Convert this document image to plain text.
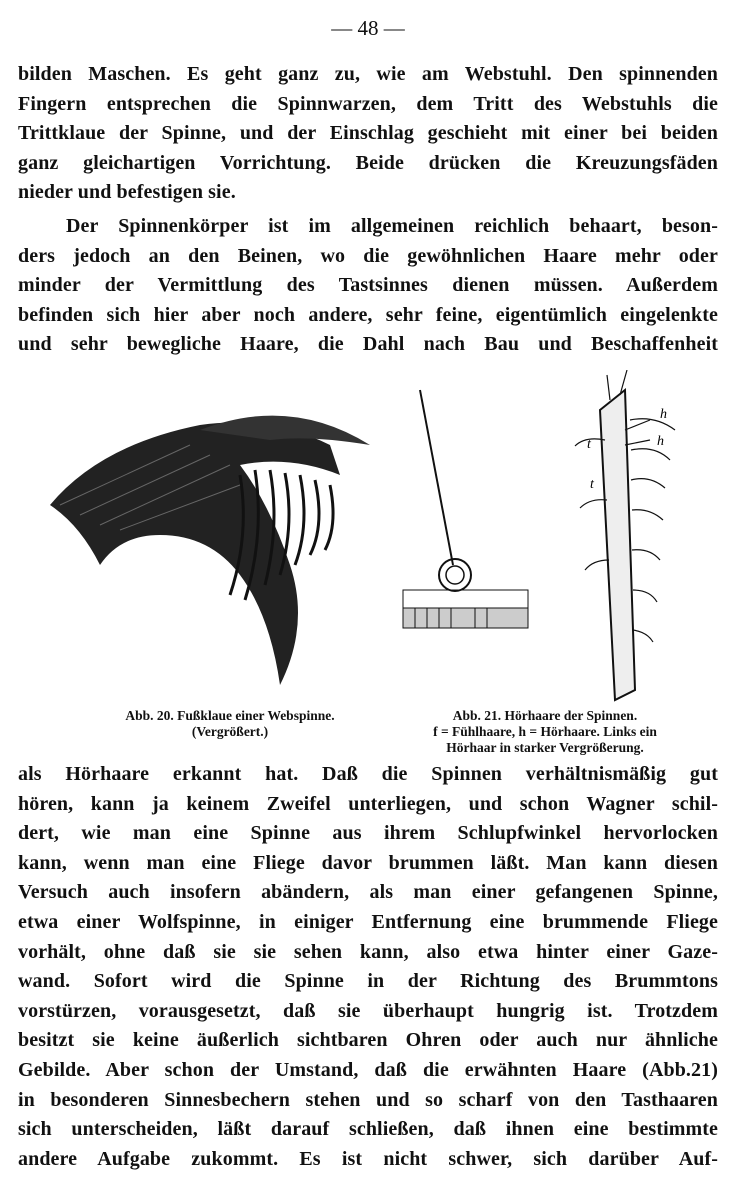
— 48 —
bilden Maschen. Es geht ganz zu, wie am Webstuhl. Den spinnenden
Fingern entsprechen die Spinnwarzen, dem Tritt des Webstuhls die
Trittklaue der Spinne, und der Einschlag geschieht mit einer bei beiden
ganz gleichartigen Vorrichtung. Beide drücken die Kreuzungsfäden
nieder und befestigen sie.
Der Spinnenkörper ist im allgemeinen reichlich behaart, beson-
ders jedoch an den Beinen, wo die gewöhnlichen Haare mehr oder
minder der Vermittlung des Tastsinnes dienen müssen. Außerdem
befinden sich hier aber noch andere, sehr feine, eigentümlich eingelenkte
und sehr bewegliche Haare, die Dahl nach Bau und Beschaffenheit
h
h
t
t
Abb. 20. Fußklaue einer Webspinne.
(Vergrößert.)
Abb. 21. Hörhaare der Spinnen.
f = Fühlhaare, h = Hörhaare. Links ein
Hörhaar in starker Vergrößerung.
als Hörhaare erkannt hat. Daß die Spinnen verhältnismäßig gut
hören, kann ja keinem Zweifel unterliegen, und schon Wagner schil-
dert, wie man eine Spinne aus ihrem Schlupfwinkel hervorlocken
kann, wenn man eine Fliege davor brummen läßt. Man kann diesen
Versuch auch insofern abändern, als man einer gefangenen Spinne,
etwa einer Wolfspinne, in einiger Entfernung eine brummende Fliege
vorhält, ohne daß sie sie sehen kann, also etwa hinter einer Gaze-
wand. Sofort wird die Spinne in der Richtung des Brummtons
vorstürzen, vorausgesetzt, daß sie überhaupt hungrig ist. Trotzdem
besitzt sie keine äußerlich sichtbaren Ohren oder auch nur ähnliche
Gebilde. Aber schon der Umstand, daß die erwähnten Haare (Abb.21)
in besonderen Sinnesbechern stehen und so scharf von den Tasthaaren
sich unterscheiden, läßt darauf schließen, daß ihnen eine bestimmte
andere Aufgabe zukommt. Es ist nicht schwer, sich darüber Auf-
